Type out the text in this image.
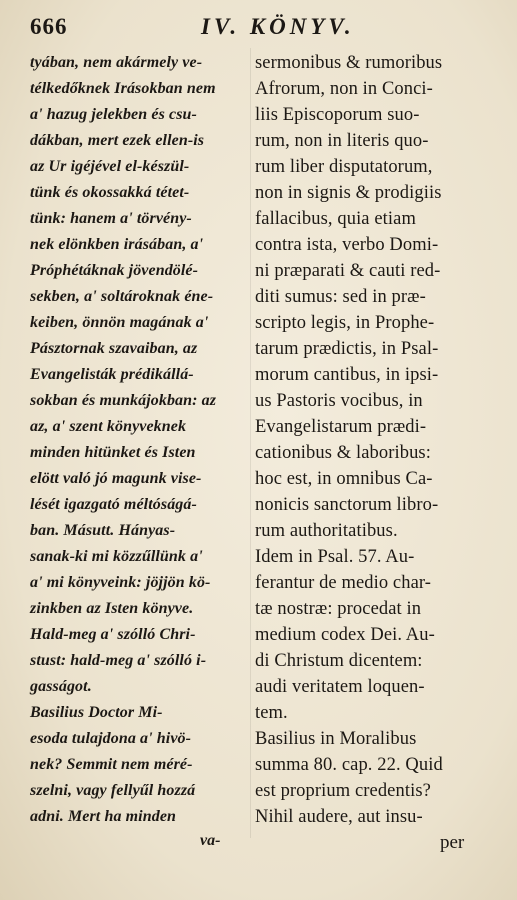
666	IV. KÖNYV.
tyában, nem akármely ve-
télkedőknek Irásokban nem
a' hazug jelekben és csu-
dákban, mert ezek ellen-is
az Ur igéjével el-készül-
tünk és okossakká tétet-
tünk: hanem a' törvény-
nek elönkben irásában, a'
Próphétáknak jövendölé-
sekben, a' soltároknak éne-
keiben, önnön magának a'
Pásztornak szavaiban, az
Evangelisták prédikállá-
sokban és munkájokban: az
az, a' szent könyveknek
minden hitünket és Isten
elött való jó magunk vise-
lését igazgató méltóságá-
ban. Másutt. Hányas-
sanak-ki mi közzűllünk a'
a' mi könyveink: jöjjön kö-
zinkben az Isten könyve.
Hald-meg a' szólló Chri-
stust: hald-meg a' szólló i-
gasságot.
Basilius Doctor Mi-
esoda tulajdona a' hivö-
nek? Semmit nem méré-
szelni, vagy fellyűl hozzá
adni. Mert ha minden
sermonibus & rumoribus
Afrorum, non in Conci-
liis Episcoporum suo-
rum, non in literis quo-
rum liber disputatorum,
non in signis & prodigiis
fallacibus, quia etiam
contra ista, verbo Domi-
ni præparati & cauti red-
diti sumus: sed in præ-
scripto legis, in Prophe-
tarum prædictis, in Psal-
morum cantibus, in ipsi-
us Pastoris vocibus, in
Evangelistarum prædi-
cationibus & laboribus:
hoc est, in omnibus Ca-
nonicis sanctorum libro-
rum authoritatibus.
Idem in Psal. 57. Au-
ferantur de medio char-
tæ nostræ: procedat in
medium codex Dei. Au-
di Christum dicentem:
audi veritatem loquen-
tem.
Basilius in Moralibus
summa 80. cap. 22. Quid
est proprium credentis?
Nihil audere, aut insu-
va-	per
